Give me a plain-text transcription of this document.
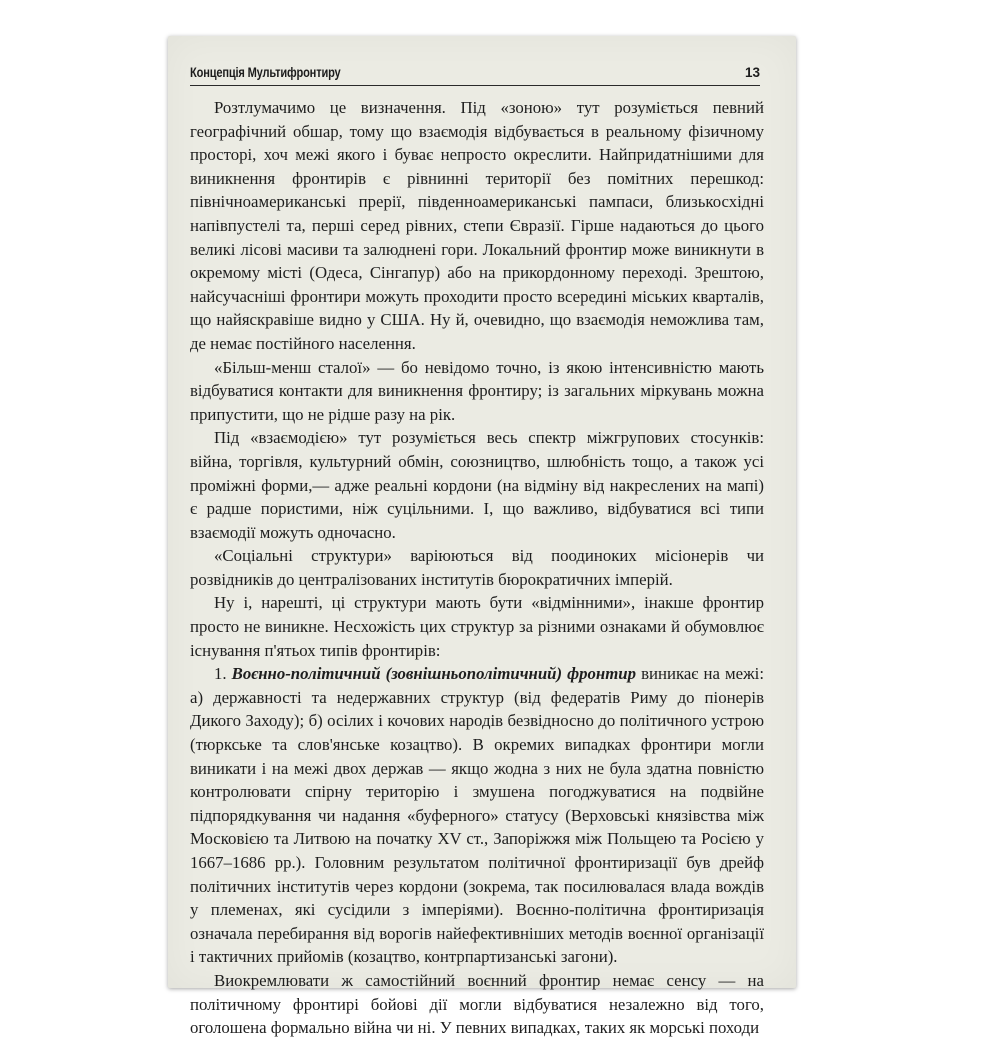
Концепція Мультифронтиру	13

Розтлумачимо це визначення. Під «зоною» тут розуміється певний географічний обшар, тому що взаємодія відбувається в реальному фізичному просторі, хоч межі якого і буває непросто окреслити. Найпридатнішими для виникнення фронтирів є рівнинні території без помітних перешкод: північноамериканські прерії, південноамериканські пампаси, близькосхідні напівпустелі та, перші серед рівних, степи Євразії. Гірше надаються до цього великі лісові масиви та залюднені гори. Локальний фронтир може виникнути в окремому місті (Одеса, Сінгапур) або на прикордонному переході. Зрештою, найсучасніші фронтири можуть проходити просто всередині міських кварталів, що найяскравіше видно у США. Ну й, очевидно, що взаємодія неможлива там, де немає постійного населення.

«Більш-менш сталої» — бо невідомо точно, із якою інтенсивністю мають відбуватися контакти для виникнення фронтиру; із загальних міркувань можна припустити, що не рідше разу на рік.

Під «взаємодією» тут розуміється весь спектр міжгрупових стосунків: війна, торгівля, культурний обмін, союзництво, шлюбність тощо, а також усі проміжні форми,— адже реальні кордони (на відміну від накреслених на мапі) є радше пористими, ніж суцільними. І, що важливо, відбуватися всі типи взаємодії можуть одночасно.

«Соціальні структури» варіюються від поодиноких місіонерів чи розвідників до централізованих інститутів бюрократичних імперій.

Ну і, нарешті, ці структури мають бути «відмінними», інакше фронтир просто не виникне. Несхожість цих структур за різними ознаками й обумовлює існування п'ятьох типів фронтирів:

1. Воєнно-політичний (зовнішньополітичний) фронтир виникає на межі: а) державності та недержавних структур (від федератів Риму до піонерів Дикого Заходу); б) осілих і кочових народів безвідносно до політичного устрою (тюркське та слов'янське козацтво). В окремих випадках фронтири могли виникати і на межі двох держав — якщо жодна з них не була здатна повністю контролювати спірну територію і змушена погоджуватися на подвійне підпорядкування чи надання «буферного» статусу (Верховські князівства між Московією та Литвою на початку XV ст., Запоріжжя між Польщею та Росією у 1667–1686 рр.). Головним результатом політичної фронтиризації був дрейф політичних інститутів через кордони (зокрема, так посилювалася влада вождів у племенах, які сусідили з імперіями). Воєнно-політична фронтиризація означала перебирання від ворогів найефективніших методів воєнної організації і тактичних прийомів (козацтво, контрпартизанські загони).

Виокремлювати ж самостійний воєнний фронтир немає сенсу — на політичному фронтирі бойові дії могли відбуватися незалежно від того, оголошена формально війна чи ні. У певних випадках, таких як морські походи
